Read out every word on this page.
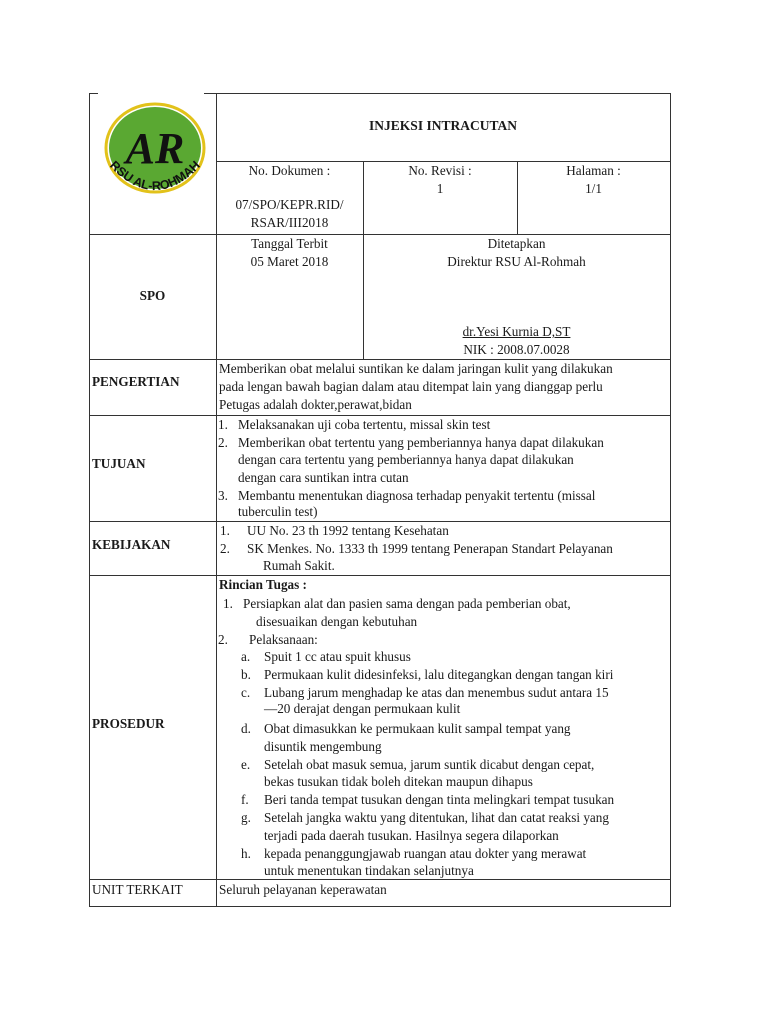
AR
RSU AL-ROHMAH
INJEKSI INTRACUTAN
No. Dokumen :
07/SPO/KEPR.RID/
RSAR/III2018
No. Revisi :
1
Halaman :
1/1
SPO
Tanggal Terbit
05 Maret 2018
Ditetapkan
Direktur RSU Al-Rohmah
dr.Yesi Kurnia D,ST
NIK : 2008.07.0028
PENGERTIAN
Memberikan obat melalui suntikan ke dalam jaringan kulit yang dilakukan
pada lengan bawah bagian dalam atau ditempat lain yang dianggap perlu
Petugas adalah dokter,perawat,bidan
TUJUAN
1. Melaksanakan uji coba tertentu, missal skin test
2. Memberikan obat tertentu yang pemberiannya hanya dapat dilakukan
dengan cara tertentu yang pemberiannya hanya dapat dilakukan
dengan cara suntikan intra cutan
3. Membantu menentukan diagnosa terhadap penyakit tertentu (missal
tuberculin test)
KEBIJAKAN
1. UU No. 23 th 1992 tentang Kesehatan
2. SK Menkes. No. 1333 th 1999 tentang Penerapan Standart Pelayanan
Rumah Sakit.
PROSEDUR
Rincian Tugas :
1. Persiapkan alat dan pasien sama dengan pada pemberian obat,
disesuaikan dengan kebutuhan
2. Pelaksanaan:
a. Spuit 1 cc atau spuit khusus
b. Permukaan kulit didesinfeksi, lalu ditegangkan dengan tangan kiri
c. Lubang jarum menghadap ke atas dan menembus sudut antara 15
—20 derajat dengan permukaan kulit
d. Obat dimasukkan ke permukaan kulit sampal tempat yang
disuntik mengembung
e. Setelah obat masuk semua, jarum suntik dicabut dengan cepat,
bekas tusukan tidak boleh ditekan maupun dihapus
f. Beri tanda tempat tusukan dengan tinta melingkari tempat tusukan
g. Setelah jangka waktu yang ditentukan, lihat dan catat reaksi yang
terjadi pada daerah tusukan. Hasilnya segera dilaporkan
h. kepada penanggungjawab ruangan atau dokter yang merawat
untuk menentukan tindakan selanjutnya
UNIT TERKAIT	Seluruh pelayanan keperawatan
